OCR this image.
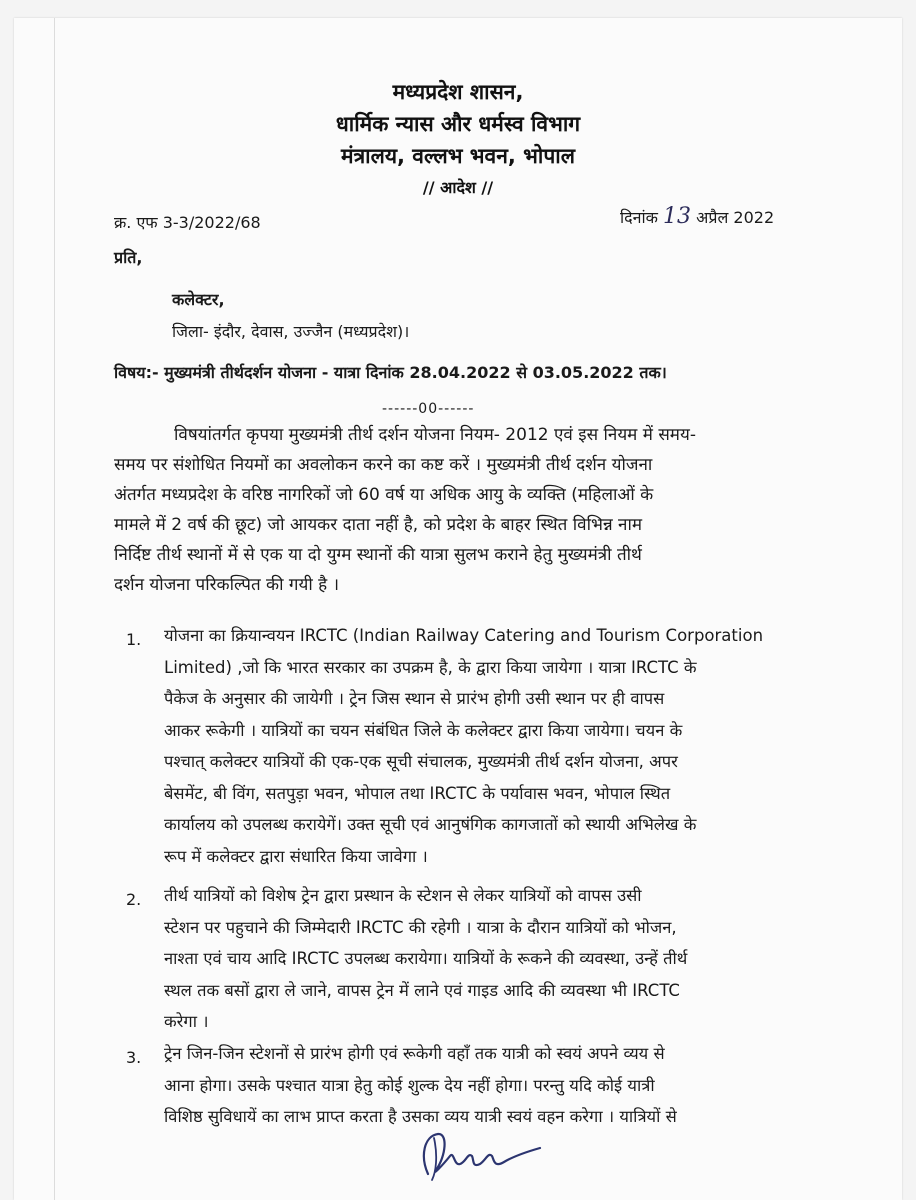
मध्यप्रदेश शासन,
धार्मिक न्यास और धर्मस्व विभाग
मंत्रालय, वल्लभ भवन, भोपाल
// आदेश //
क्र. एफ 3-3/2022/68	दिनांक 13 अप्रैल 2022
प्रति,
कलेक्टर,
जिला- इंदौर, देवास, उज्जैन (मध्यप्रदेश)।
विषय:- मुख्यमंत्री तीर्थदर्शन योजना - यात्रा दिनांक 28.04.2022 से 03.05.2022 तक।
------00------
विषयांतर्गत कृपया मुख्यमंत्री तीर्थ दर्शन योजना नियम- 2012 एवं इस नियम में समय-
समय पर संशोधित नियमों का अवलोकन करने का कष्ट करें । मुख्यमंत्री तीर्थ दर्शन योजना
अंतर्गत मध्यप्रदेश के वरिष्ठ नागरिकों जो 60 वर्ष या अधिक आयु के व्यक्ति (महिलाओं के
मामले में 2 वर्ष की छूट) जो आयकर दाता नहीं है, को प्रदेश के बाहर स्थित विभिन्न नाम
निर्दिष्ट तीर्थ स्थानों में से एक या दो युग्म स्थानों की यात्रा सुलभ कराने हेतु मुख्यमंत्री तीर्थ
दर्शन योजना परिकल्पित की गयी है ।
1. योजना का क्रियान्वयन IRCTC (Indian Railway Catering and Tourism Corporation
Limited) ,जो कि भारत सरकार का उपक्रम है, के द्वारा किया जायेगा । यात्रा IRCTC के
पैकेज के अनुसार की जायेगी । ट्रेन जिस स्थान से प्रारंभ होगी उसी स्थान पर ही वापस
आकर रूकेगी । यात्रियों का चयन संबंधित जिले के कलेक्टर द्वारा किया जायेगा। चयन के
पश्चात् कलेक्टर यात्रियों की एक-एक सूची संचालक, मुख्यमंत्री तीर्थ दर्शन योजना, अपर
बेसमेंट, बी विंग, सतपुड़ा भवन, भोपाल तथा IRCTC के पर्यावास भवन, भोपाल स्थित
कार्यालय को उपलब्ध करायेगें। उक्त सूची एवं आनुषंगिक कागजातों को स्थायी अभिलेख के
रूप में कलेक्टर द्वारा संधारित किया जावेगा ।
2. तीर्थ यात्रियों को विशेष ट्रेन द्वारा प्रस्थान के स्टेशन से लेकर यात्रियों को वापस उसी
स्टेशन पर पहुचाने की जिम्मेदारी IRCTC की रहेगी । यात्रा के दौरान यात्रियों को भोजन,
नाश्ता एवं चाय आदि IRCTC उपलब्ध करायेगा। यात्रियों के रूकने की व्यवस्था, उन्हें तीर्थ
स्थल तक बसों द्वारा ले जाने, वापस ट्रेन में लाने एवं गाइड आदि की व्यवस्था भी IRCTC
करेगा ।
3. ट्रेन जिन-जिन स्टेशनों से प्रारंभ होगी एवं रूकेगी वहाँ तक यात्री को स्वयं अपने व्यय से
आना होगा। उसके पश्चात यात्रा हेतु कोई शुल्क देय नहीं होगा। परन्तु यदि कोई यात्री
विशिष्ठ सुविधायें का लाभ प्राप्त करता है उसका व्यय यात्री स्वयं वहन करेगा । यात्रियों से
